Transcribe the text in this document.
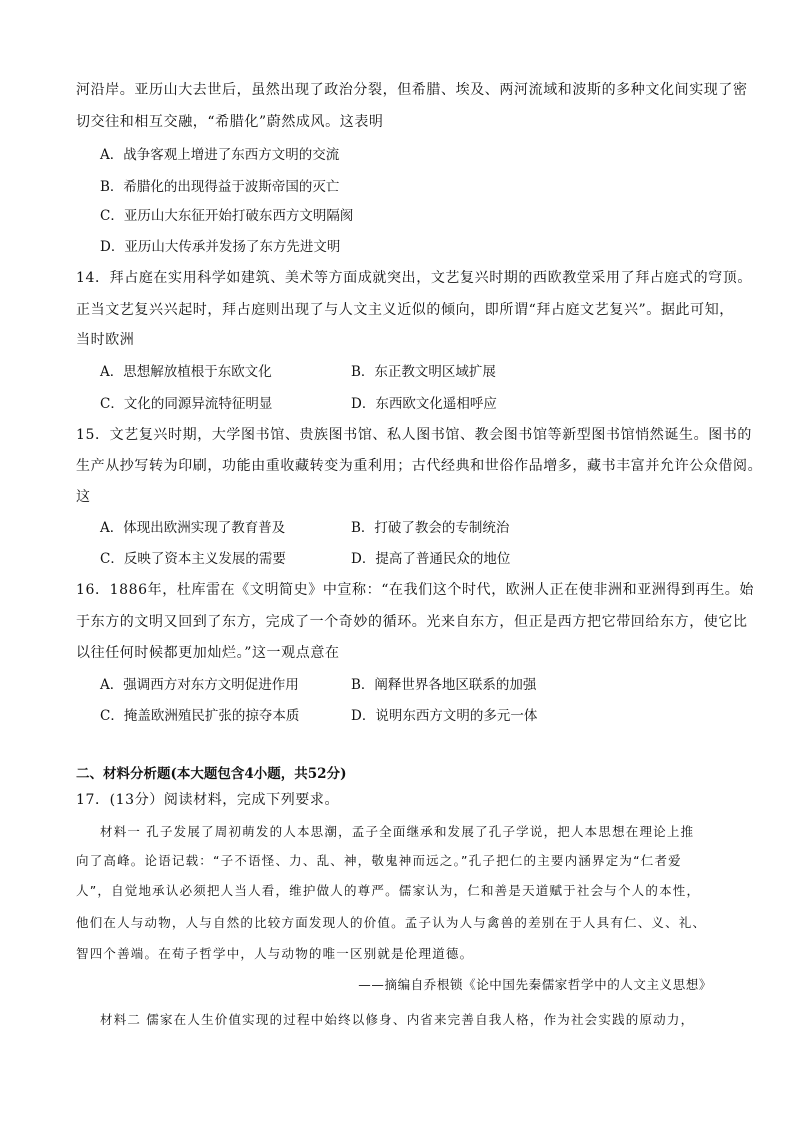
河沿岸。亚历山大去世后，虽然出现了政治分裂，但希腊、埃及、两河流域和波斯的多种文化间实现了密
切交往和相互交融，“希腊化”蔚然成风。这表明
A．战争客观上增进了东西方文明的交流
B．希腊化的出现得益于波斯帝国的灭亡
C．亚历山大东征开始打破东西方文明隔阂
D．亚历山大传承并发扬了东方先进文明
14．拜占庭在实用科学如建筑、美术等方面成就突出，文艺复兴时期的西欧教堂采用了拜占庭式的穹顶。
正当文艺复兴兴起时，拜占庭则出现了与人文主义近似的倾向，即所谓“拜占庭文艺复兴”。据此可知，
当时欧洲
A．思想解放植根于东欧文化	B．东正教文明区域扩展
C．文化的同源异流特征明显	D．东西欧文化遥相呼应
15．文艺复兴时期，大学图书馆、贵族图书馆、私人图书馆、教会图书馆等新型图书馆悄然诞生。图书的
生产从抄写转为印刷，功能由重收藏转变为重利用；古代经典和世俗作品增多，藏书丰富并允许公众借阅。
这
A．体现出欧洲实现了教育普及	B．打破了教会的专制统治
C．反映了资本主义发展的需要	D．提高了普通民众的地位
16．1886年，杜库雷在《文明简史》中宣称：“在我们这个时代，欧洲人正在使非洲和亚洲得到再生。始
于东方的文明又回到了东方，完成了一个奇妙的循环。光来自东方，但正是西方把它带回给东方，使它比
以往任何时候都更加灿烂。”这一观点意在
A．强调西方对东方文明促进作用	B．阐释世界各地区联系的加强
C．掩盖欧洲殖民扩张的掠夺本质	D．说明东西方文明的多元一体
二、材料分析题(本大题包含4小题，共52分)
17．(13分）阅读材料，完成下列要求。
材料一 孔子发展了周初萌发的人本思潮，孟子全面继承和发展了孔子学说，把人本思想在理论上推
向了高峰。论语记载：“子不语怪、力、乱、神，敬鬼神而远之。”孔子把仁的主要内涵界定为“仁者爱
人”，自觉地承认必须把人当人看，维护做人的尊严。儒家认为，仁和善是天道赋于社会与个人的本性，
他们在人与动物，人与自然的比较方面发现人的价值。孟子认为人与禽兽的差别在于人具有仁、义、礼、
智四个善端。在荀子哲学中，人与动物的唯一区别就是伦理道德。
——摘编自乔根锁《论中国先秦儒家哲学中的人文主义思想》
材料二 儒家在人生价值实现的过程中始终以修身、内省来完善自我人格，作为社会实践的原动力，
